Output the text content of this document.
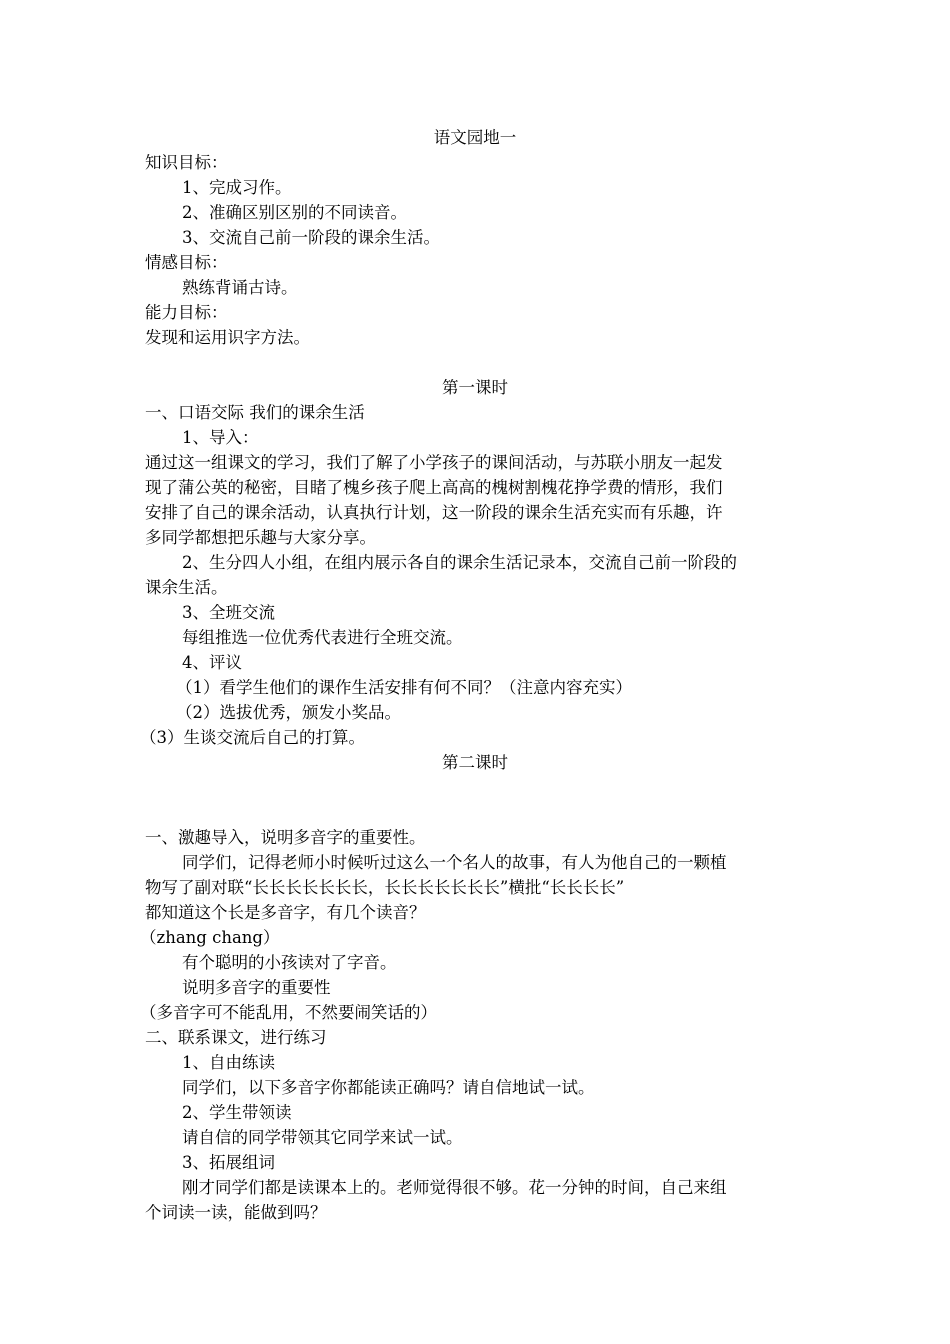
语文园地一
知识目标：
1、完成习作。
2、准确区别区别的不同读音。
3、交流自己前一阶段的课余生活。
情感目标：
熟练背诵古诗。
能力目标：
发现和运用识字方法。
第一课时
一、口语交际 我们的课余生活
1、导入：
通过这一组课文的学习，我们了解了小学孩子的课间活动，与苏联小朋友一起发
现了蒲公英的秘密，目睹了槐乡孩子爬上高高的槐树割槐花挣学费的情形，我们
安排了自己的课余活动，认真执行计划，这一阶段的课余生活充实而有乐趣，许
多同学都想把乐趣与大家分享。
2、生分四人小组，在组内展示各自的课余生活记录本，交流自己前一阶段的
课余生活。
3、全班交流
每组推选一位优秀代表进行全班交流。
4、评议
（1）看学生他们的课作生活安排有何不同？（注意内容充实）
（2）选拔优秀，颁发小奖品。
（3）生谈交流后自己的打算。
第二课时
一、激趣导入，说明多音字的重要性。
同学们，记得老师小时候听过这么一个名人的故事，有人为他自己的一颗植
物写了副对联“长长长长长长长，长长长长长长长”横批“长长长长”
都知道这个长是多音字，有几个读音？
（zhang chang）
有个聪明的小孩读对了字音。
说明多音字的重要性
（多音字可不能乱用，不然要闹笑话的）
二、联系课文，进行练习
1、自由练读
同学们，以下多音字你都能读正确吗？请自信地试一试。
2、学生带领读
请自信的同学带领其它同学来试一试。
3、拓展组词
刚才同学们都是读课本上的。老师觉得很不够。花一分钟的时间，自己来组
个词读一读，能做到吗？
